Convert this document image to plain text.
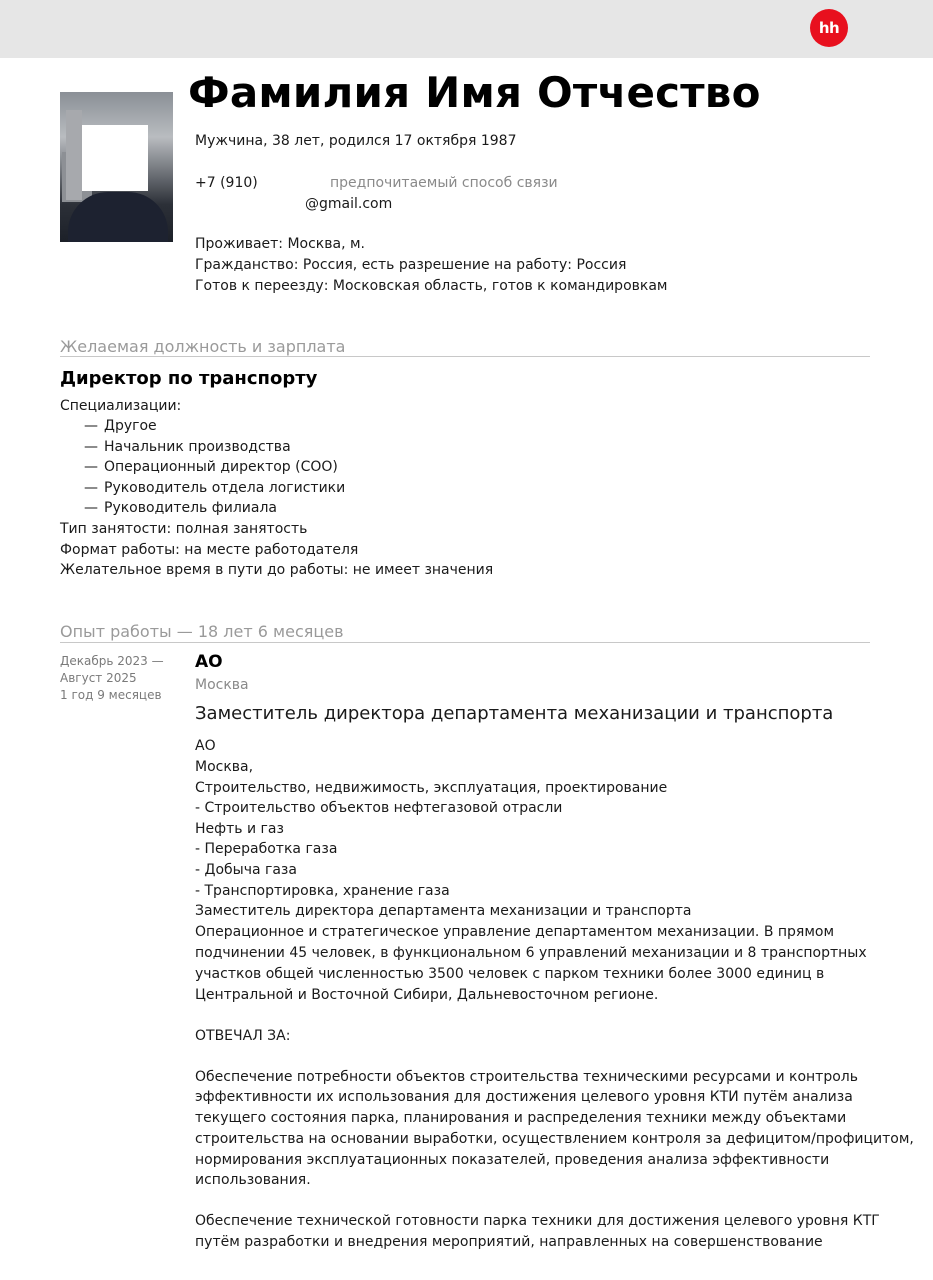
hh
Фамилия Имя Отчество
Мужчина, 38 лет, родился 17 октября 1987
+7 (910)	предпочитаемый способ связи
@gmail.com
Проживает: Москва, м.
Гражданство: Россия, есть разрешение на работу: Россия
Готов к переезду: Московская область, готов к командировкам
Желаемая должность и зарплата
Директор по транспорту
Специализации:
— Другое
— Начальник производства
— Операционный директор (COO)
— Руководитель отдела логистики
— Руководитель филиала
Тип занятости: полная занятость
Формат работы: на месте работодателя
Желательное время в пути до работы: не имеет значения
Опыт работы — 18 лет 6 месяцев
Декабрь 2023 —
Август 2025
1 год 9 месяцев
АО
Москва
Заместитель директора департамента механизации и транспорта
АО
Москва,
Строительство, недвижимость, эксплуатация, проектирование
- Строительство объектов нефтегазовой отрасли
Нефть и газ
- Переработка газа
- Добыча газа
- Транспортировка, хранение газа
Заместитель директора департамента механизации и транспорта
Операционное и стратегическое управление департаментом механизации. В прямом
подчинении 45 человек, в функциональном 6 управлений механизации и 8 транспортных
участков общей численностью 3500 человек с парком техники более 3000 единиц в
Центральной и Восточной Сибири, Дальневосточном регионе.
ОТВЕЧАЛ ЗА:
Обеспечение потребности объектов строительства техническими ресурсами и контроль
эффективности их использования для достижения целевого уровня КТИ путём анализа
текущего состояния парка, планирования и распределения техники между объектами
строительства на основании выработки, осуществлением контроля за дефицитом/профицитом,
нормирования эксплуатационных показателей, проведения анализа эффективности
использования.
Обеспечение технической готовности парка техники для достижения целевого уровня КТГ
путём разработки и внедрения мероприятий, направленных на совершенствование
